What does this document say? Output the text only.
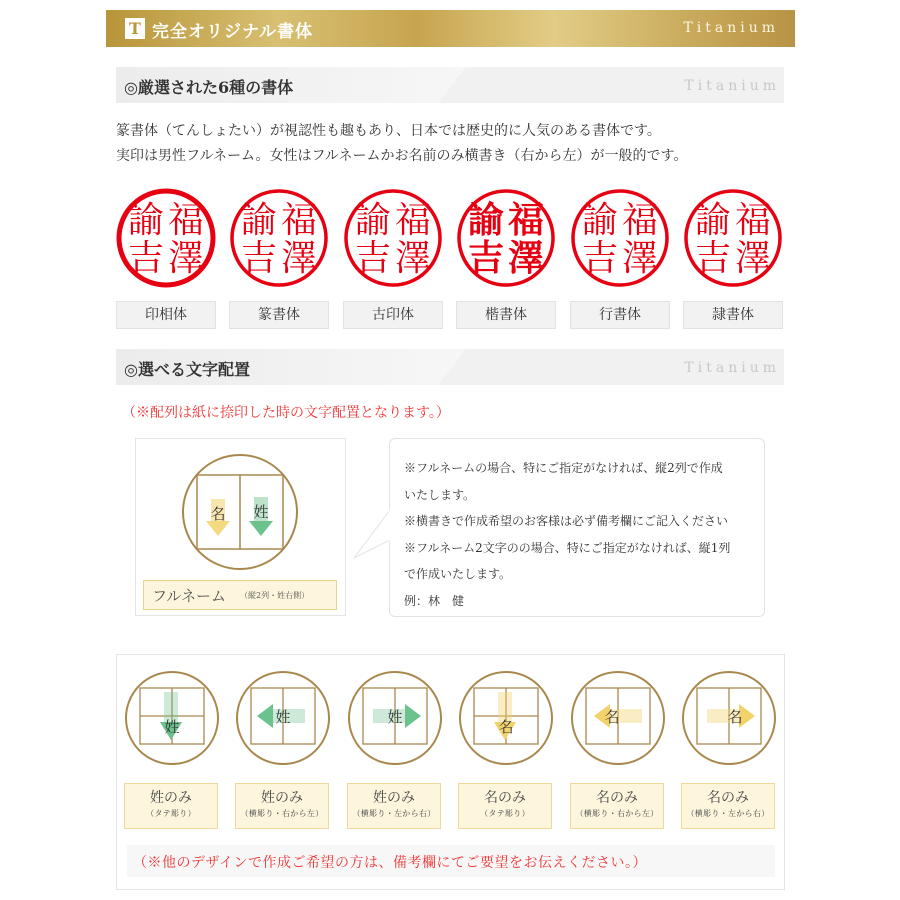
T 完全オリジナル書体	Titanium
◎厳選された6種の書体	Titanium
篆書体（てんしょたい）が視認性も趣もあり、日本では歴史的に人気のある書体です。
実印は男性フルネーム。女性はフルネームかお名前のみ横書き（右から左）が一般的です。
福
澤
諭
吉
印相体
福
澤
諭
吉
篆書体
福
澤
諭
吉
古印体
福
澤
諭
吉
楷書体
福
澤
諭
吉
行書体
福
澤
諭
吉
隷書体
◎選べる文字配置	Titanium
（※配列は紙に捺印した時の文字配置となります。）
名 姓
フルネーム （縦2列・姓右側）
※フルネームの場合、特にご指定がなければ、縦2列で作成
いたします。
※横書きで作成希望のお客様は必ず備考欄にご記入ください
※フルネーム2文字のの場合、特にご指定がなければ、縦1列
で作成いたします。
例：林　健
姓
姓のみ
（タテ彫り）
姓
姓のみ
（横彫り・右から左）
姓
姓のみ
（横彫り・左から右）
名
名のみ
（タテ彫り）
名
名のみ
（横彫り・右から左）
名
名のみ
（横彫り・左から右）
（※他のデザインで作成ご希望の方は、備考欄にてご要望をお伝えください。）
